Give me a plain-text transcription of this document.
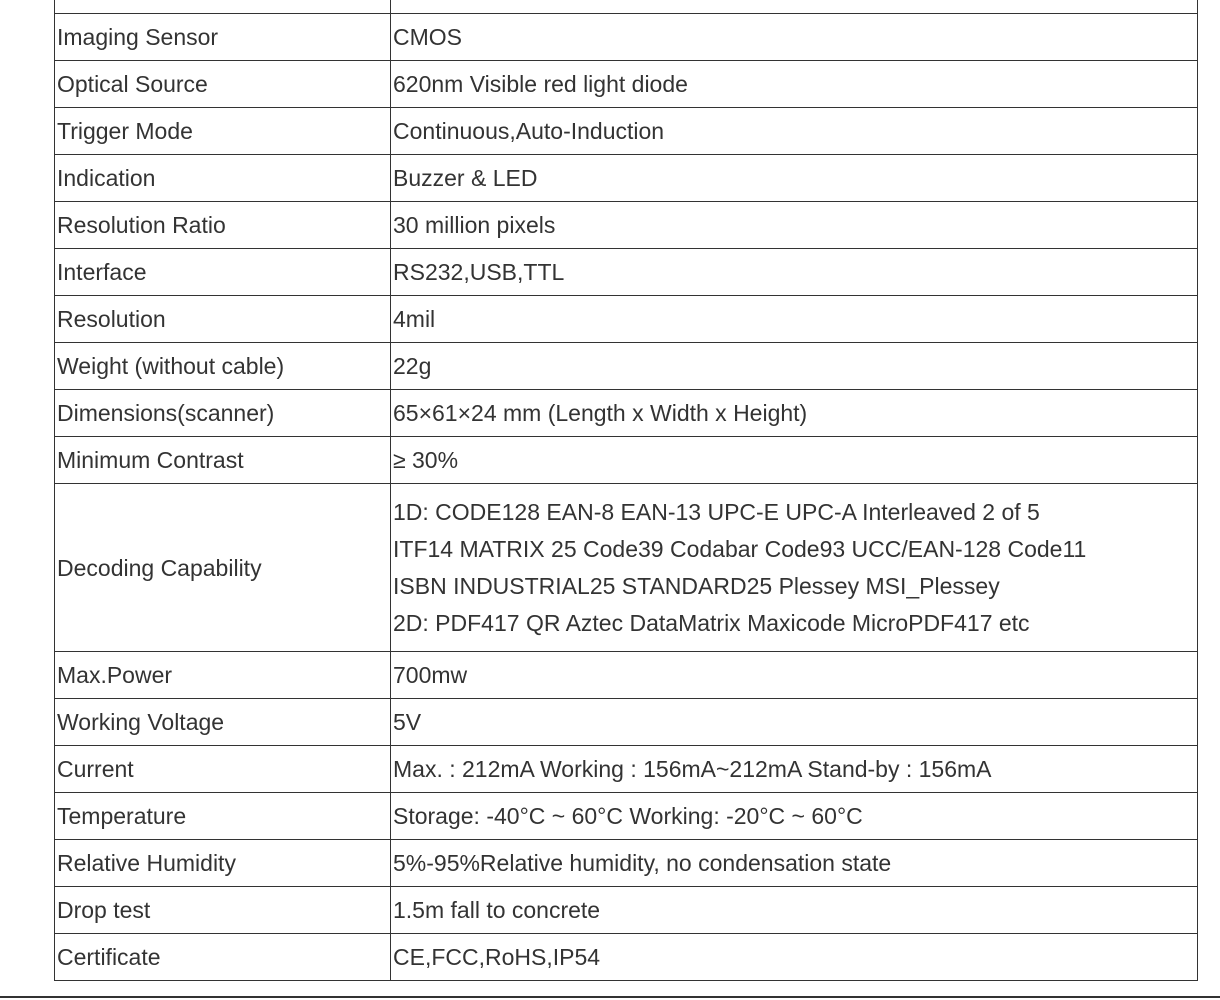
Imaging Sensor	CMOS
Optical Source	620nm Visible red light diode
Trigger Mode	Continuous,Auto-Induction
Indication	Buzzer & LED
Resolution Ratio	30 million pixels
Interface	RS232,USB,TTL
Resolution	4mil
Weight (without cable)	22g
Dimensions(scanner)	65×61×24 mm (Length x Width x Height)
Minimum Contrast	≥ 30%
Decoding Capability	1D: CODE128 EAN-8 EAN-13 UPC-E UPC-A Interleaved 2 of 5
ITF14 MATRIX 25 Code39 Codabar Code93 UCC/EAN-128 Code11
ISBN INDUSTRIAL25 STANDARD25 Plessey MSI_Plessey
2D: PDF417 QR Aztec DataMatrix Maxicode MicroPDF417 etc

Max.Power	700mw
Working Voltage	5V
Current	Max. : 212mA Working : 156mA~212mA Stand-by : 156mA
Temperature	Storage: -40°C ~ 60°C Working: -20°C ~ 60°C
Relative Humidity	5%-95%Relative humidity, no condensation state
Drop test	1.5m fall to concrete
Certificate	CE,FCC,RoHS,IP54
